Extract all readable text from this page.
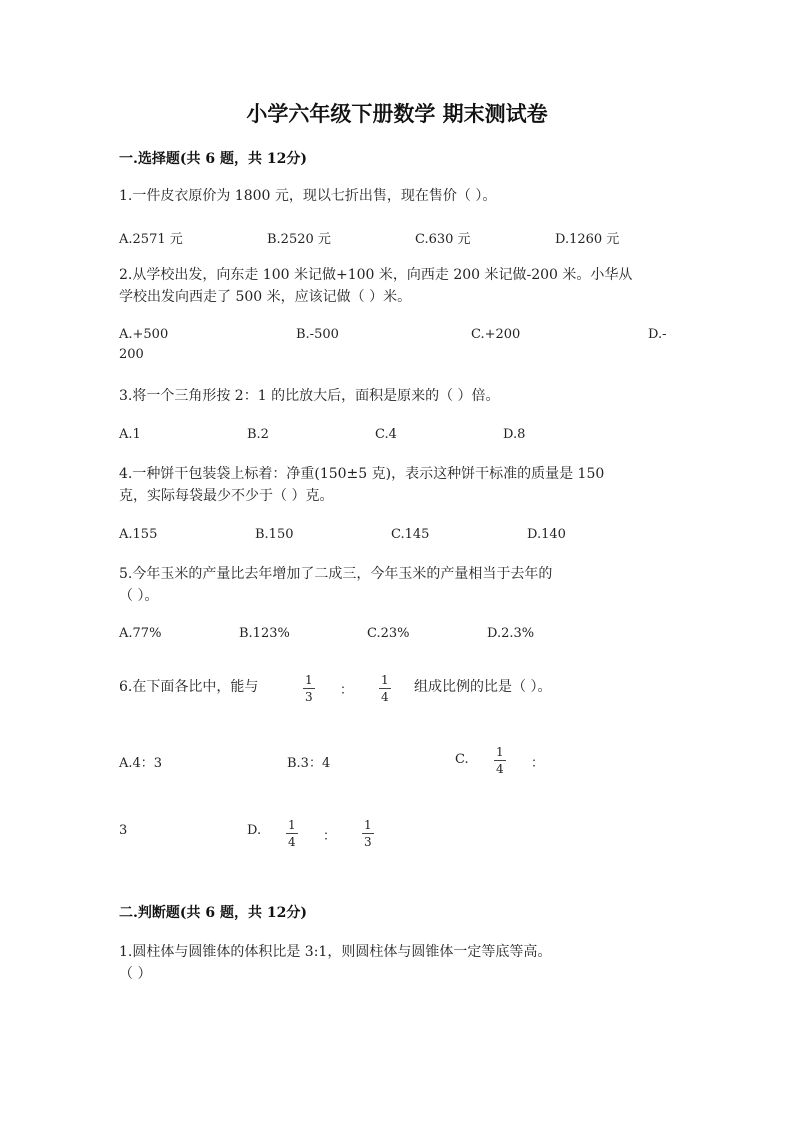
小学六年级下册数学 期末测试卷
一.选择题(共 6 题，共 12分)
1.一件皮衣原价为 1800 元，现以七折出售，现在售价（ ）。
A.2571 元	B.2520 元	C.630 元	D.1260 元
2.从学校出发，向东走 100 米记做+100 米，向西走 200 米记做-200 米。小华从
学校出发向西走了 500 米，应该记做（ ）米。
A.+500	B.-500	C.+200	D.-
200
3.将一个三角形按 2：1 的比放大后，面积是原来的（ ）倍。
A.1	B.2	C.4	D.8
4.一种饼干包装袋上标着：净重(150±5 克)，表示这种饼干标准的质量是 150
克，实际每袋最少不少于（ ）克。
A.155	B.150	C.145	D.140
5.今年玉米的产量比去年增加了二成三，今年玉米的产量相当于去年的
（ ）。
A.77%	B.123%	C.23%	D.2.3%
6.在下面各比中，能与	$\frac{1}{3}$ ： $\frac{1}{4}$ 组成比例的比是（ ）。
A.4：3	B.3：4	C. $\frac{1}{4}$ ：
3	D. $\frac{1}{4}$ ： $\frac{1}{3}$
二.判断题(共 6 题，共 12分)
1.圆柱体与圆锥体的体积比是 3:1，则圆柱体与圆锥体一定等底等高。
（ ）
